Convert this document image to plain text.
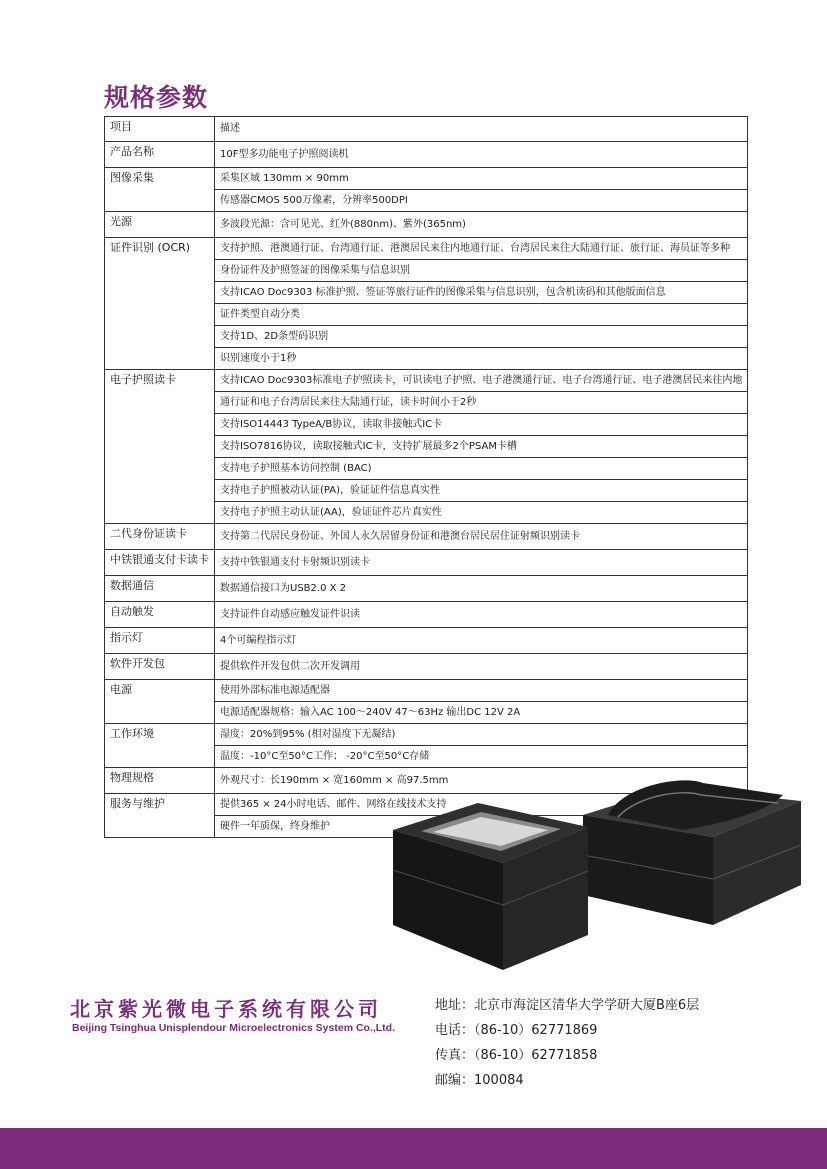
规格参数
项目	描述
产品名称	10F型多功能电子护照阅读机
图像采集	采集区域 130mm × 90mm
	传感器CMOS 500万像素，分辨率500DPI
光源	多波段光源：含可见光、红外(880nm)、紫外(365nm)
证件识别 (OCR)	支持护照、港澳通行证、台湾通行证、港澳居民来往内地通行证、台湾居民来往大陆通行证、旅行证、海员证等多种
	身份证件及护照签証的图像采集与信息识别
	支持ICAO Doc9303 标准护照、签证等旅行证件的图像采集与信息识别，包含机读码和其他版面信息
	证件类型自动分类
	支持1D、2D条型码识别
	识别速度小于1秒
电子护照读卡	支持ICAO Doc9303标准电子护照读卡，可识读电子护照、电子港澳通行证、电子台湾通行证、电子港澳居民来往内地
	通行证和电子台湾居民来往大陆通行证，读卡时间小于2秒
	支持ISO14443 TypeA/B协议，读取非接触式IC卡
	支持ISO7816协议，读取接触式IC卡，支持扩展最多2个PSAM卡槽
	支持电子护照基本访问控制 (BAC)
	支持电子护照被动认证(PA)，验证证件信息真实性
	支持电子护照主动认证(AA)，验证证件芯片真实性
二代身份证读卡	支持第二代居民身份证、外国人永久居留身份证和港澳台居民居住证射频识别读卡
中铁银通支付卡读卡	支持中铁银通支付卡射频识别读卡
数据通信	数据通信接口为USB2.0 X 2
自动触发	支持证件自动感应触发证件识读
指示灯	4个可编程指示灯
软件开发包	提供软件开发包供二次开发调用
电源	使用外部标准电源适配器
	电源适配器规格：输入AC 100～240V 47～63Hz 输出DC 12V 2A
工作环境	湿度：20%到95% (相对湿度下无凝结)
	温度：-10°C至50°C工作； -20°C至50°C存储
物理规格	外观尺寸：长190mm × 宽160mm × 高97.5mm
服务与维护	提供365 × 24小时电话、邮件、网络在线技术支持
	硬件一年质保，终身维护
北京紫光微电子系统有限公司
Beijing Tsinghua Unisplendour Microelectronics System Co.,Ltd.
地址：北京市海淀区清华大学学研大厦B座6层
电话：（86-10）62771869
传真：（86-10）62771858
邮编：100084
